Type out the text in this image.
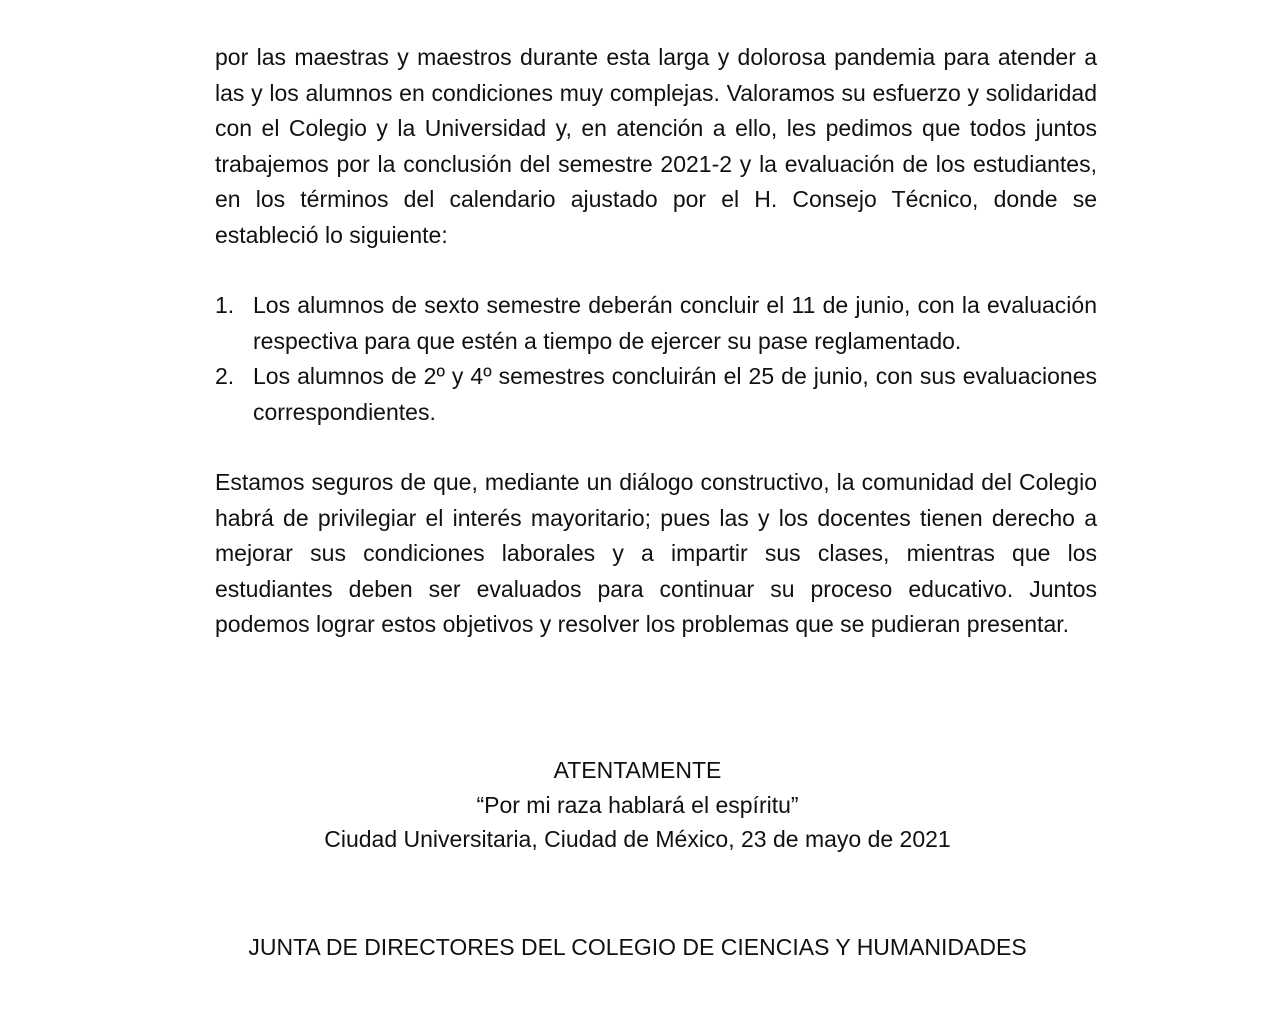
por las maestras y maestros durante esta larga y dolorosa pandemia para atender a las y los alumnos en condiciones muy complejas. Valoramos su esfuerzo y solidaridad con el Colegio y la Universidad y, en atención a ello, les pedimos que todos juntos trabajemos por la conclusión del semestre 2021-2 y la evaluación de los estudiantes, en los términos del calendario ajustado por el H. Consejo Técnico, donde se estableció lo siguiente:

1. Los alumnos de sexto semestre deberán concluir el 11 de junio, con la evaluación respectiva para que estén a tiempo de ejercer su pase reglamentado.
2. Los alumnos de 2º y 4º semestres concluirán el 25 de junio, con sus evaluaciones correspondientes.

Estamos seguros de que, mediante un diálogo constructivo, la comunidad del Colegio habrá de privilegiar el interés mayoritario; pues las y los docentes tienen derecho a mejorar sus condiciones laborales y a impartir sus clases, mientras que los estudiantes deben ser evaluados para continuar su proceso educativo. Juntos podemos lograr estos objetivos y resolver los problemas que se pudieran presentar.

ATENTAMENTE
“Por mi raza hablará el espíritu”
Ciudad Universitaria, Ciudad de México, 23 de mayo de 2021
JUNTA DE DIRECTORES DEL COLEGIO DE CIENCIAS Y HUMANIDADES
